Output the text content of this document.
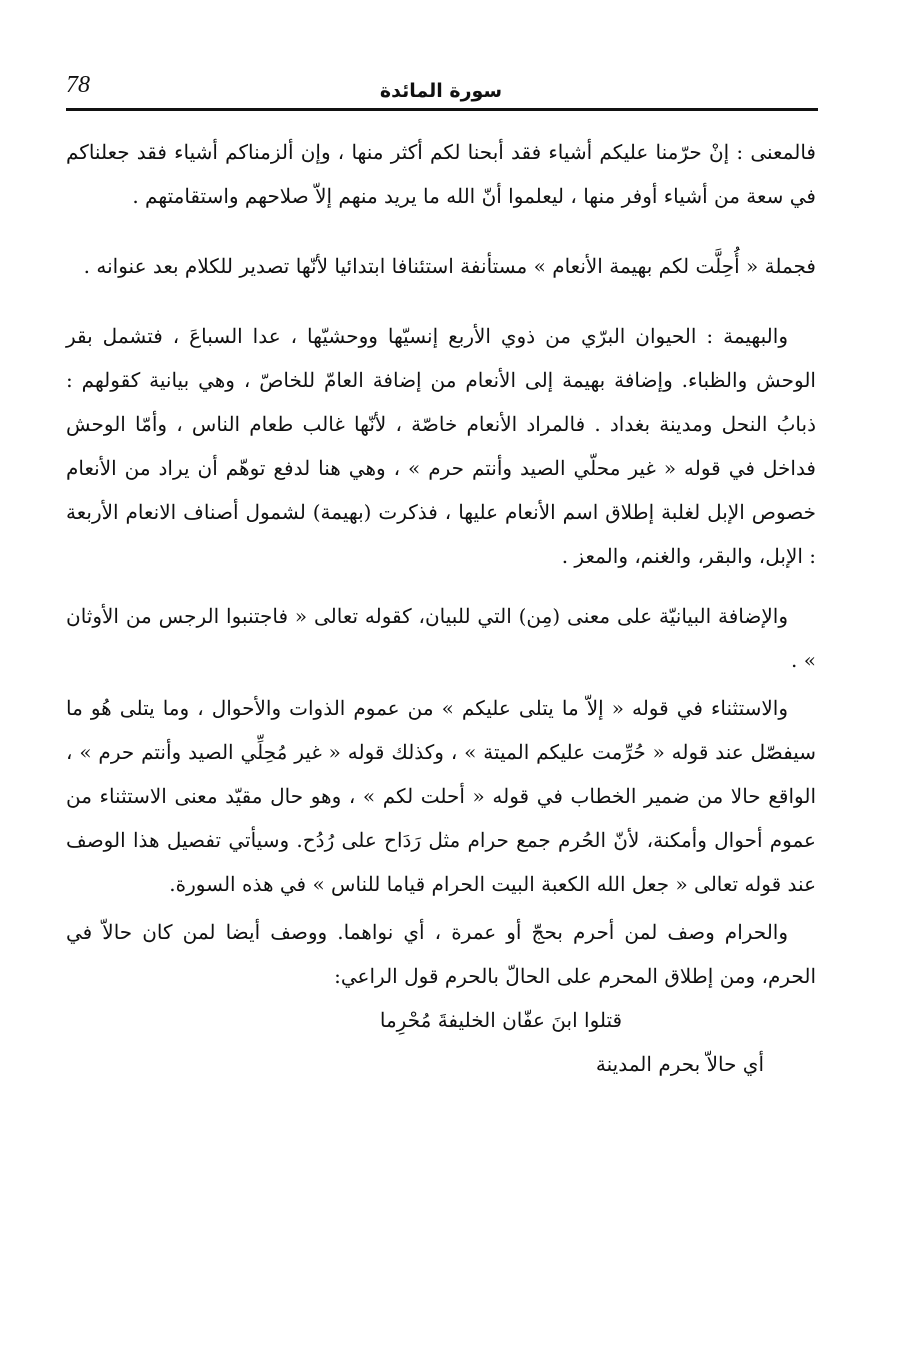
78	سورة المائدة

فالمعنى : إنْ حرّمنا عليكم أشياء فقد أبحنا لكم أكثر منها ، وإن ألزمناكم أشياء فقد جعلناكم في سعة من أشياء أوفر منها ، ليعلموا أنّ الله ما يريد منهم إلاّ صلاحهم واستقامتهم .

فجملة « أُحِلَّت لكم بهيمة الأنعام » مستأنفة استئنافا ابتدائيا لأنّها تصدير للكلام بعد عنوانه .

والبهيمة : الحيوان البرّي من ذوي الأربع إنسيّها ووحشيّها ، عدا السباعَ ، فتشمل بقر الوحش والظباء. وإضافة بهيمة إلى الأنعام من إضافة العامّ للخاصّ ، وهي بيانية كقولهم : ذبابُ النحل ومدينة بغداد . فالمراد الأنعام خاصّة ، لأنّها غالب طعام الناس ، وأمّا الوحش فداخل في قوله « غير محلّي الصيد وأنتم حرم » ، وهي هنا لدفع توهّم أن يراد من الأنعام خصوص الإبل لغلبة إطلاق اسم الأنعام عليها ، فذكرت (بهيمة) لشمول أصناف الانعام الأربعة : الإبل، والبقر، والغنم، والمعز .

والإضافة البيانيّة على معنى (مِن) التي للبيان، كقوله تعالى « فاجتنبوا الرجس من الأوثان » .

والاستثناء في قوله « إلاّ ما يتلى عليكم » من عموم الذوات والأحوال ، وما يتلى هُو ما سيفصّل عند قوله « حُرِّمت عليكم الميتة » ، وكذلك قوله « غير مُحِلِّي الصيد وأنتم حرم » ، الواقع حالا من ضمير الخطاب في قوله « أحلت لكم » ، وهو حال مقيّد معنى الاستثناء من عموم أحوال وأمكنة، لأنّ الحُرم جمع حرام مثل رَدَاح على رُدُح. وسيأتي تفصيل هذا الوصف عند قوله تعالى « جعل الله الكعبة البيت الحرام قياما للناس » في هذه السورة.

والحرام وصف لمن أحرم بحجّ أو عمرة ، أي نواهما. ووصف أيضا لمن كان حالاّ في الحرم، ومن إطلاق المحرم على الحالّ بالحرم قول الراعي:

قتلوا ابنَ عفّان الخليفةَ مُحْرِما

أي حالاّ بحرم المدينة
